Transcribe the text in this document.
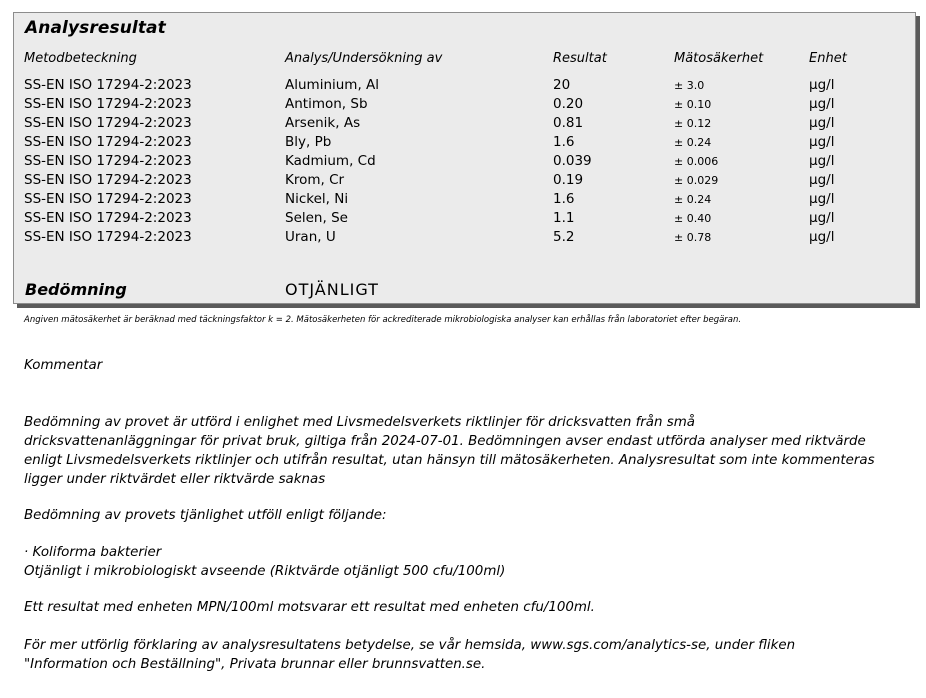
Analysresultat
Metodbeteckning	Analys/Undersökning av	Resultat	Mätosäkerhet	Enhet
SS-EN ISO 17294-2:2023	Aluminium, Al	20	± 3.0	µg/l
SS-EN ISO 17294-2:2023	Antimon, Sb	0.20	± 0.10	µg/l
SS-EN ISO 17294-2:2023	Arsenik, As	0.81	± 0.12	µg/l
SS-EN ISO 17294-2:2023	Bly, Pb	1.6	± 0.24	µg/l
SS-EN ISO 17294-2:2023	Kadmium, Cd	0.039	± 0.006	µg/l
SS-EN ISO 17294-2:2023	Krom, Cr	0.19	± 0.029	µg/l
SS-EN ISO 17294-2:2023	Nickel, Ni	1.6	± 0.24	µg/l
SS-EN ISO 17294-2:2023	Selen, Se	1.1	± 0.40	µg/l
SS-EN ISO 17294-2:2023	Uran, U	5.2	± 0.78	µg/l
Bedömning	OTJÄNLIGT
Angiven mätosäkerhet är beräknad med täckningsfaktor k = 2. Mätosäkerheten för ackrediterade mikrobiologiska analyser kan erhållas från laboratoriet efter begäran.
Kommentar
Bedömning av provet är utförd i enlighet med Livsmedelsverkets riktlinjer för dricksvatten från små
dricksvattenanläggningar för privat bruk, giltiga från 2024-07-01. Bedömningen avser endast utförda analyser med riktvärde
enligt Livsmedelsverkets riktlinjer och utifrån resultat, utan hänsyn till mätosäkerheten. Analysresultat som inte kommenteras
ligger under riktvärdet eller riktvärde saknas
Bedömning av provets tjänlighet utföll enligt följande:
· Koliforma bakterier
Otjänligt i mikrobiologiskt avseende (Riktvärde otjänligt 500 cfu/100ml)
Ett resultat med enheten MPN/100ml motsvarar ett resultat med enheten cfu/100ml.
För mer utförlig förklaring av analysresultatens betydelse, se vår hemsida, www.sgs.com/analytics-se, under fliken
"Information och Beställning", Privata brunnar eller brunnsvatten.se.
